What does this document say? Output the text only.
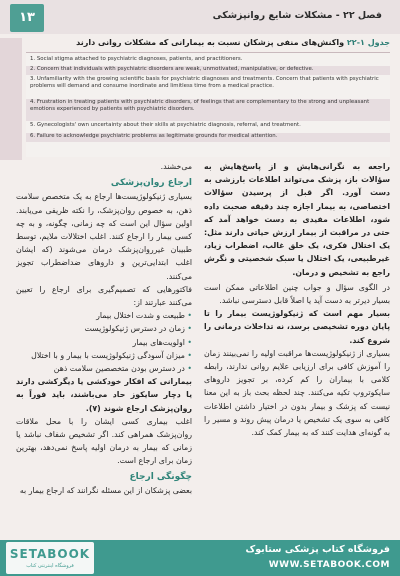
١٣	فصل ۲۲ - مشکلات شایع روانپزشکی
جدول ۱-۲۲ واکنش‌های منفی پزشکان نسبت به بیمارانی که مشکلات روانی دارند
1. Social stigma attached to psychiatric diagnoses, patients, and practitioners.
2. Concern that individuals with psychiatric disorders are weak, unmotivated, manipulative, or defective.
3. Unfamiliarity with the growing scientific basis for psychiatric diagnoses and treatments. Concern that patients with psychiatric problems will demand and consume inordinate and limitless time from a medical practice.
4. Frustration in treating patients with psychiatric disorders, of feelings that are complementary to the strong and unpleasant emotions experienced by patients with psychiatric disorders.
5. Gynecologists' own uncertainty about their skills at psychiatric diagnosis, referral, and treatment.
6. Failure to acknowledge psychiatric problems as legitimate grounds for medical attention.
راجعه به نگرانی‌هایش و از پاسخ‌هایش به سؤالات باز، پزشک می‌تواند اطلاعات بارزشی به دست آورد. اگر قبل از پرسیدن سؤالات اختصاصی، به بیمار اجازه چند دقیقه صحبت داده شود، اطلاعات مفیدی به دست خواهد آمد که حتی در مراقبت از بیمار ارزش حیاتی دارند مثل: یک اختلال فکری، یک خلق غالب، اضطراب زیاد، غیرطبیعی، یک اختلال یا سبک شخصیتی و نگرش راجع به تشخیص و درمان.
در الگوی سؤال و جواب چنین اطلاعاتی ممکن است بسیار دیرتر به دست آید یا اصلاً قابل دسترسی نباشد.
بسیار مهم است که ژنیکولوژیست بیمار را تا پایان دوره تشخیصی برسد، نه تداخلات درمانی را شروع کند.
بسیاری از ژنیکولوژیست‌ها مراقبت اولیه را نمی‌بینند زمان را آموزش کافی برای ارزیابی علایم روانی ندارند، رابطه کلامی با بیماران را کم کرده، بر تجویز داروهای سایکوتروپ تکیه می‌کنند. چند لحظه بحث باز به این معنا نیست که پزشک و بیمار بدون در اختیار داشتن اطلاعات کافی به سوی یک تشخیص یا درمان پیش روند و مسیر را به گونه‌ای هدایت کنند که به بیمار کمک کند.
می‌خشند.
ارجاع روان‌پزشکی
بسیاری ژنیکولوژیست‌ها ارجاع به یک متخصص سلامت ذهن، به خصوص روان‌پزشک، را نکته ظریفی می‌یابند. اولین سؤال این است که چه زمانی، چگونه، و به چه کسی بیمار را ارجاع کنند. اغلب اختلالات ملایم، توسط طبیبان غیرروان‌پزشک درمان می‌شوند (که ایشان اغلب ابتدایی‌ترین و داروهای ضداضطراب تجویز می‌کنند.
فاکتورهایی که تصمیم‌گیری برای ارجاع را تعیین می‌کنند عبارتند از:
• طبیعت و شدت اختلال بیمار
• زمان در دسترس ژنیکولوژیست
• اولویت‌های بیمار
• میزان آسودگی ژنیکولوژیست با بیمار و با اختلال
• در دسترس بودن متخصصین سلامت ذهن
بیمارانی که افکار خودکشی یا دیگرکشی دارند یا دچار سایکوز حاد می‌باشند، باید فوراً به روان‌پزشک ارجاع شوند (۷).
اغلب بیماری کسی ایشان را با محل ملاقات روان‌پزشک همراهی کند. اگر تشخیص شفاف نباشد یا زمانی که بیمار به درمان اولیه پاسخ نمی‌دهد، بهترین زمان برای ارجاع است.
چگونگی ارجاع
بعضی پزشکان از این مسئله نگرانند که ارجاع بیمار به
SETABOOK
فروشگاه اینترنتی کتاب
فروشگاه کتاب پزشکی ستابوک
WWW.SETABOOK.COM
